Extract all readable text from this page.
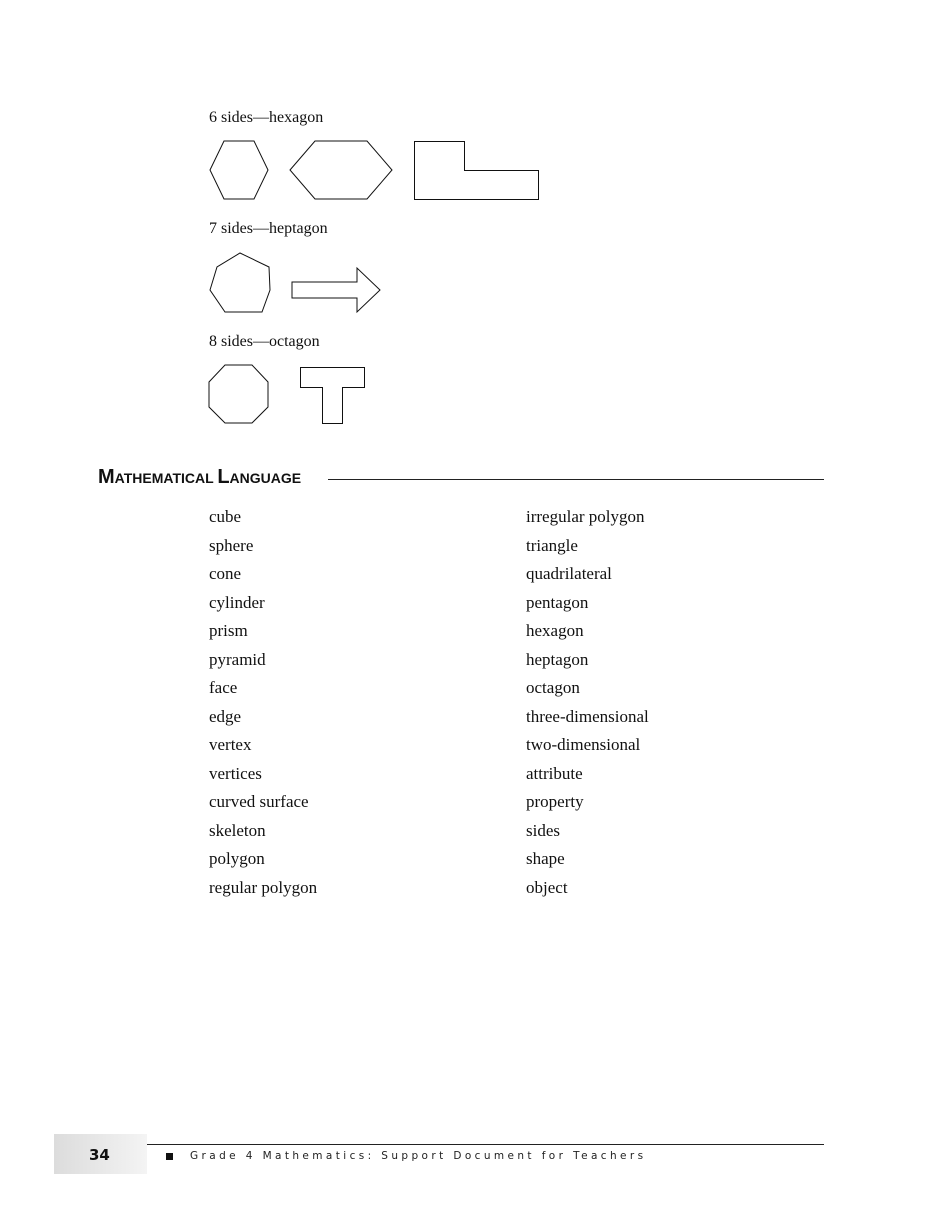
6 sides—hexagon
7 sides—heptagon
8 sides—octagon
MATHEMATICAL LANGUAGE
cube
sphere
cone
cylinder
prism
pyramid
face
edge
vertex
vertices
curved surface
skeleton
polygon
regular polygon
irregular polygon
triangle
quadrilateral
pentagon
hexagon
heptagon
octagon
three-dimensional
two-dimensional
attribute
property
sides
shape
object
34	Grade 4 Mathematics: Support Document for Teachers
